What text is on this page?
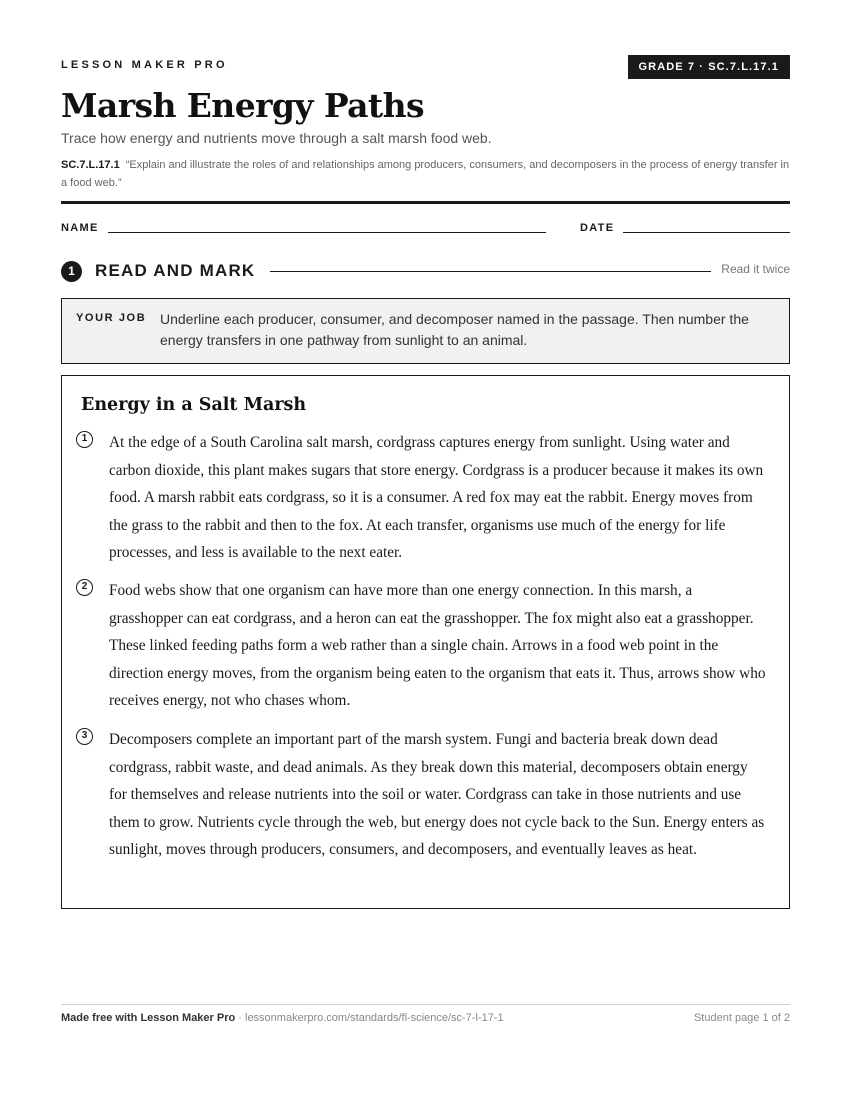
LESSON MAKER PRO	GRADE 7 · SC.7.L.17.1
Marsh Energy Paths
Trace how energy and nutrients move through a salt marsh food web.
SC.7.L.17.1 “Explain and illustrate the roles of and relationships among producers, consumers, and decomposers in the process of energy transfer in a food web.”
NAME	DATE
1	READ AND MARK	Read it twice
YOUR JOB Underline each producer, consumer, and decomposer named in the passage. Then number the energy transfers in one pathway from sunlight to an animal.
Energy in a Salt Marsh
1	At the edge of a South Carolina salt marsh, cordgrass captures energy from sunlight. Using water and carbon dioxide, this plant makes sugars that store energy. Cordgrass is a producer because it makes its own food. A marsh rabbit eats cordgrass, so it is a consumer. A red fox may eat the rabbit. Energy moves from the grass to the rabbit and then to the fox. At each transfer, organisms use much of the energy for life processes, and less is available to the next eater.
2	Food webs show that one organism can have more than one energy connection. In this marsh, a grasshopper can eat cordgrass, and a heron can eat the grasshopper. The fox might also eat a grasshopper. These linked feeding paths form a web rather than a single chain. Arrows in a food web point in the direction energy moves, from the organism being eaten to the organism that eats it. Thus, arrows show who receives energy, not who chases whom.
3	Decomposers complete an important part of the marsh system. Fungi and bacteria break down dead cordgrass, rabbit waste, and dead animals. As they break down this material, decomposers obtain energy for themselves and release nutrients into the soil or water. Cordgrass can take in those nutrients and use them to grow. Nutrients cycle through the web, but energy does not cycle back to the Sun. Energy enters as sunlight, moves through producers, consumers, and decomposers, and eventually leaves as heat.
Made free with Lesson Maker Pro · lessonmakerpro.com/standards/fl-science/sc-7-l-17-1	Student page 1 of 2
